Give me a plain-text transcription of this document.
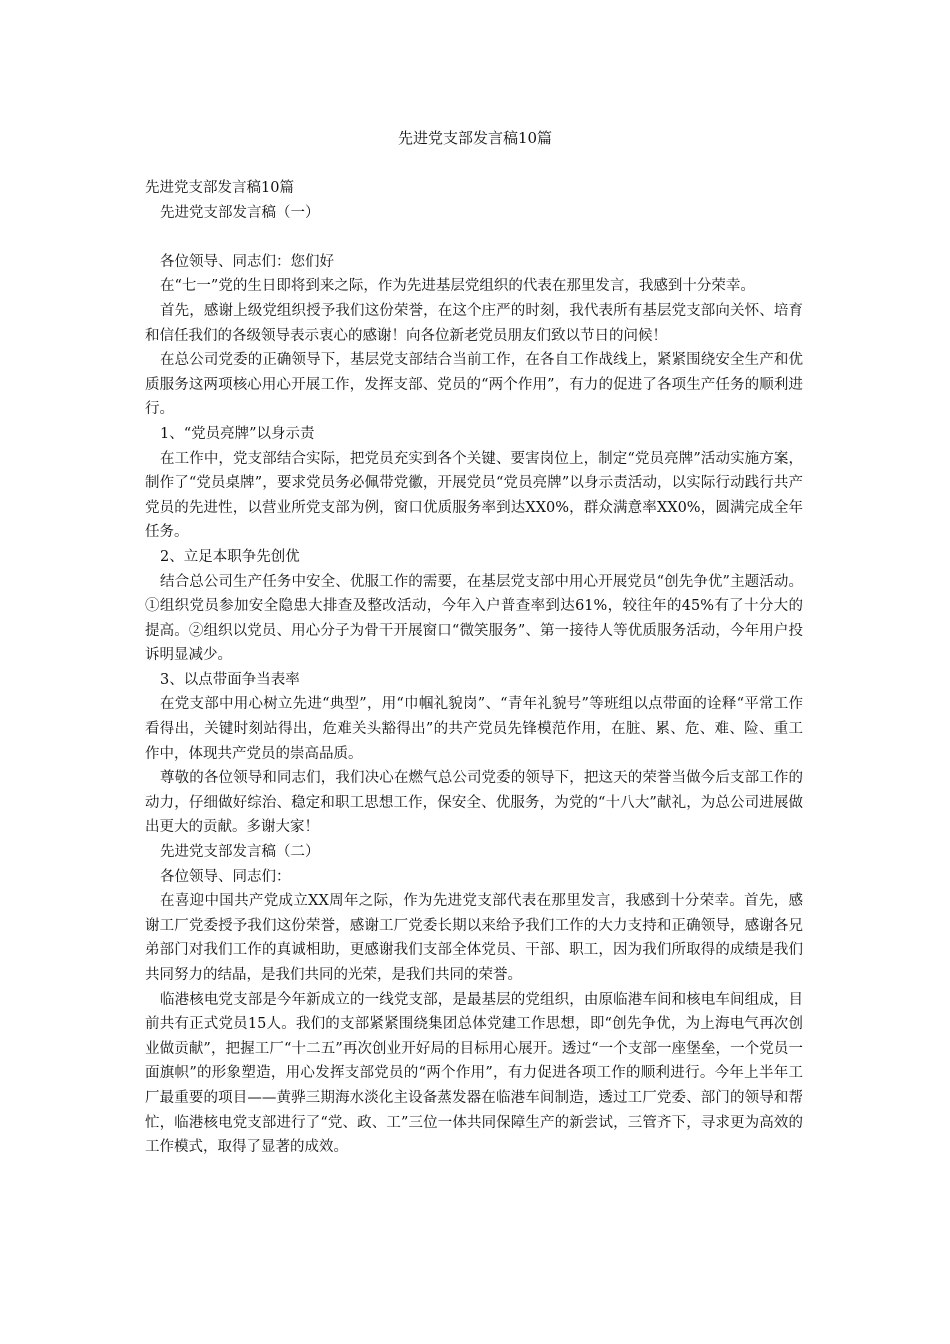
先进党支部发言稿10篇

先进党支部发言稿10篇

先进党支部发言稿（一）

各位领导、同志们：您们好

在“七一”党的生日即将到来之际，作为先进基层党组织的代表在那里发言，我感到十分荣幸。

首先，感谢上级党组织授予我们这份荣誉，在这个庄严的时刻，我代表所有基层党支部向关怀、培育和信任我们的各级领导表示衷心的感谢！向各位新老党员朋友们致以节日的问候！

在总公司党委的正确领导下，基层党支部结合当前工作，在各自工作战线上，紧紧围绕安全生产和优质服务这两项核心用心开展工作，发挥支部、党员的“两个作用”，有力的促进了各项生产任务的顺利进行。

1、“党员亮牌”以身示责

在工作中，党支部结合实际，把党员充实到各个关键、要害岗位上，制定“党员亮牌”活动实施方案，制作了“党员桌牌”，要求党员务必佩带党徽，开展党员“党员亮牌”以身示责活动，以实际行动践行共产党员的先进性，以营业所党支部为例，窗口优质服务率到达XX0%，群众满意率XX0%，圆满完成全年任务。

2、立足本职争先创优

结合总公司生产任务中安全、优服工作的需要，在基层党支部中用心开展党员“创先争优”主题活动。①组织党员参加安全隐患大排查及整改活动，今年入户普查率到达61%，较往年的45%有了十分大的提高。②组织以党员、用心分子为骨干开展窗口“微笑服务”、第一接待人等优质服务活动，今年用户投诉明显减少。

3、以点带面争当表率

在党支部中用心树立先进“典型”，用“巾帼礼貌岗”、“青年礼貌号”等班组以点带面的诠释“平常工作看得出，关键时刻站得出，危难关头豁得出”的共产党员先锋模范作用，在脏、累、危、难、险、重工作中，体现共产党员的崇高品质。

尊敬的各位领导和同志们，我们决心在燃气总公司党委的领导下，把这天的荣誉当做今后支部工作的动力，仔细做好综治、稳定和职工思想工作，保安全、优服务，为党的“十八大”献礼，为总公司进展做出更大的贡献。多谢大家！

先进党支部发言稿（二）

各位领导、同志们：

在喜迎中国共产党成立XX周年之际，作为先进党支部代表在那里发言，我感到十分荣幸。首先，感谢工厂党委授予我们这份荣誉，感谢工厂党委长期以来给予我们工作的大力支持和正确领导，感谢各兄弟部门对我们工作的真诚相助，更感谢我们支部全体党员、干部、职工，因为我们所取得的成绩是我们共同努力的结晶，是我们共同的光荣，是我们共同的荣誉。

临港核电党支部是今年新成立的一线党支部，是最基层的党组织，由原临港车间和核电车间组成，目前共有正式党员15人。我们的支部紧紧围绕集团总体党建工作思想，即“创先争优，为上海电气再次创业做贡献”，把握工厂“十二五”再次创业开好局的目标用心展开。透过“一个支部一座堡垒，一个党员一面旗帜”的形象塑造，用心发挥支部党员的“两个作用”，有力促进各项工作的顺利进行。今年上半年工厂最重要的项目——黄骅三期海水淡化主设备蒸发器在临港车间制造，透过工厂党委、部门的领导和帮忙，临港核电党支部进行了“党、政、工”三位一体共同保障生产的新尝试，三管齐下，寻求更为高效的工作模式，取得了显著的成效。
